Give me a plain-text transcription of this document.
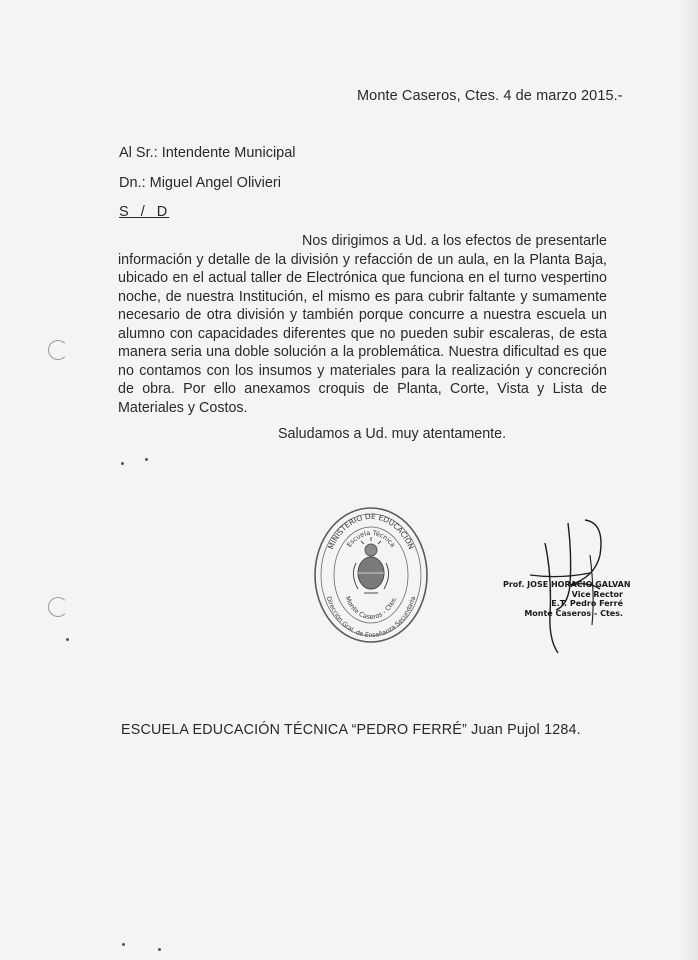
Monte Caseros, Ctes. 4 de marzo 2015.-
Al Sr.: Intendente Municipal
Dn.: Miguel Angel Olivieri
S / D

Nos dirigimos a Ud. a los efectos de presentarle información y detalle de la división y refacción de un aula, en la Planta Baja, ubicado en el actual taller de Electrónica que funciona en el turno vespertino noche, de nuestra Institución, el mismo es para cubrir faltante y sumamente necesario de otra división y también porque concurre a nuestra escuela un alumno con capacidades diferentes que no pueden subir escaleras, de esta manera seria una doble solución a la problemática. Nuestra dificultad es que no contamos con los insumos y materiales para la realización y concreción de obra. Por ello anexamos croquis de Planta, Corte, Vista y Lista de Materiales y Costos.

Saludamos a Ud. muy atentamente.
MINISTERIO DE EDUCACIÓN
Escuela Técnica
Monte Caseros - Ctes.
Dirección Gral. de Enseñanza Secundaria
Prof. JOSE HORACIO GALVAN
Vice Rector
E.T. Pedro Ferré
Monte Caseros - Ctes.
ESCUELA EDUCACIÓN TÉCNICA “PEDRO FERRÉ” Juan Pujol 1284.
